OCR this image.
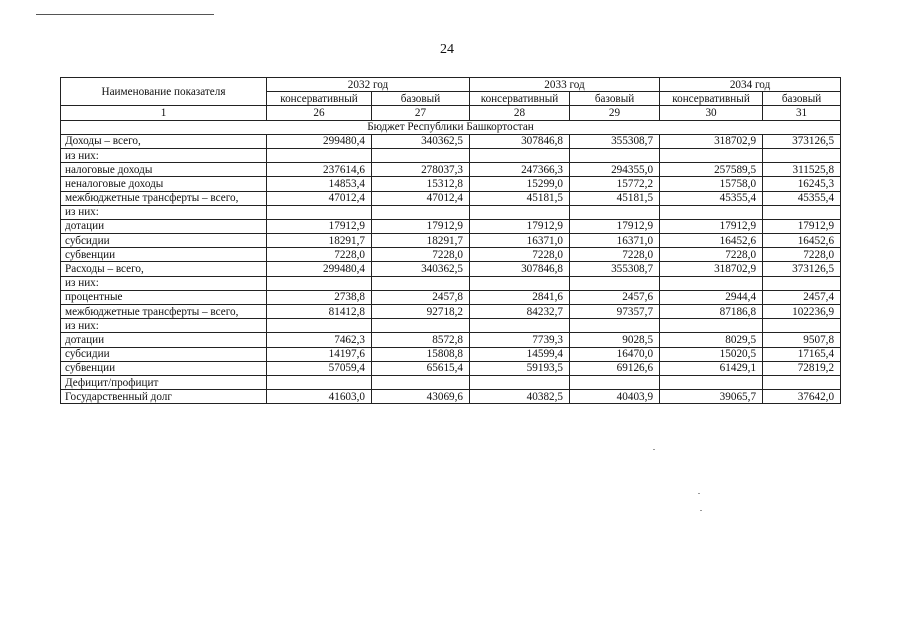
24
Наименование показателя	2032 год		2033 год		2034 год	
	консервативный	базовый	консервативный	базовый	консервативный	базовый
1	26	27	28	29	30	31
Бюджет Республики Башкортостан						
Доходы – всего,	299480,4	340362,5	307846,8	355308,7	318702,9	373126,5
из них:						
налоговые доходы	237614,6	278037,3	247366,3	294355,0	257589,5	311525,8
неналоговые доходы	14853,4	15312,8	15299,0	15772,2	15758,0	16245,3
межбюджетные трансферты – всего,	47012,4	47012,4	45181,5	45181,5	45355,4	45355,4
из них:						
дотации	17912,9	17912,9	17912,9	17912,9	17912,9	17912,9
субсидии	18291,7	18291,7	16371,0	16371,0	16452,6	16452,6
субвенции	7228,0	7228,0	7228,0	7228,0	7228,0	7228,0
Расходы – всего,	299480,4	340362,5	307846,8	355308,7	318702,9	373126,5
из них:						
процентные	2738,8	2457,8	2841,6	2457,6	2944,4	2457,4
межбюджетные трансферты – всего,	81412,8	92718,2	84232,7	97357,7	87186,8	102236,9
из них:						
дотации	7462,3	8572,8	7739,3	9028,5	8029,5	9507,8
субсидии	14197,6	15808,8	14599,4	16470,0	15020,5	17165,4
субвенции	57059,4	65615,4	59193,5	69126,6	61429,1	72819,2
Дефицит/профицит						
Государственный долг	41603,0	43069,6	40382,5	40403,9	39065,7	37642,0
